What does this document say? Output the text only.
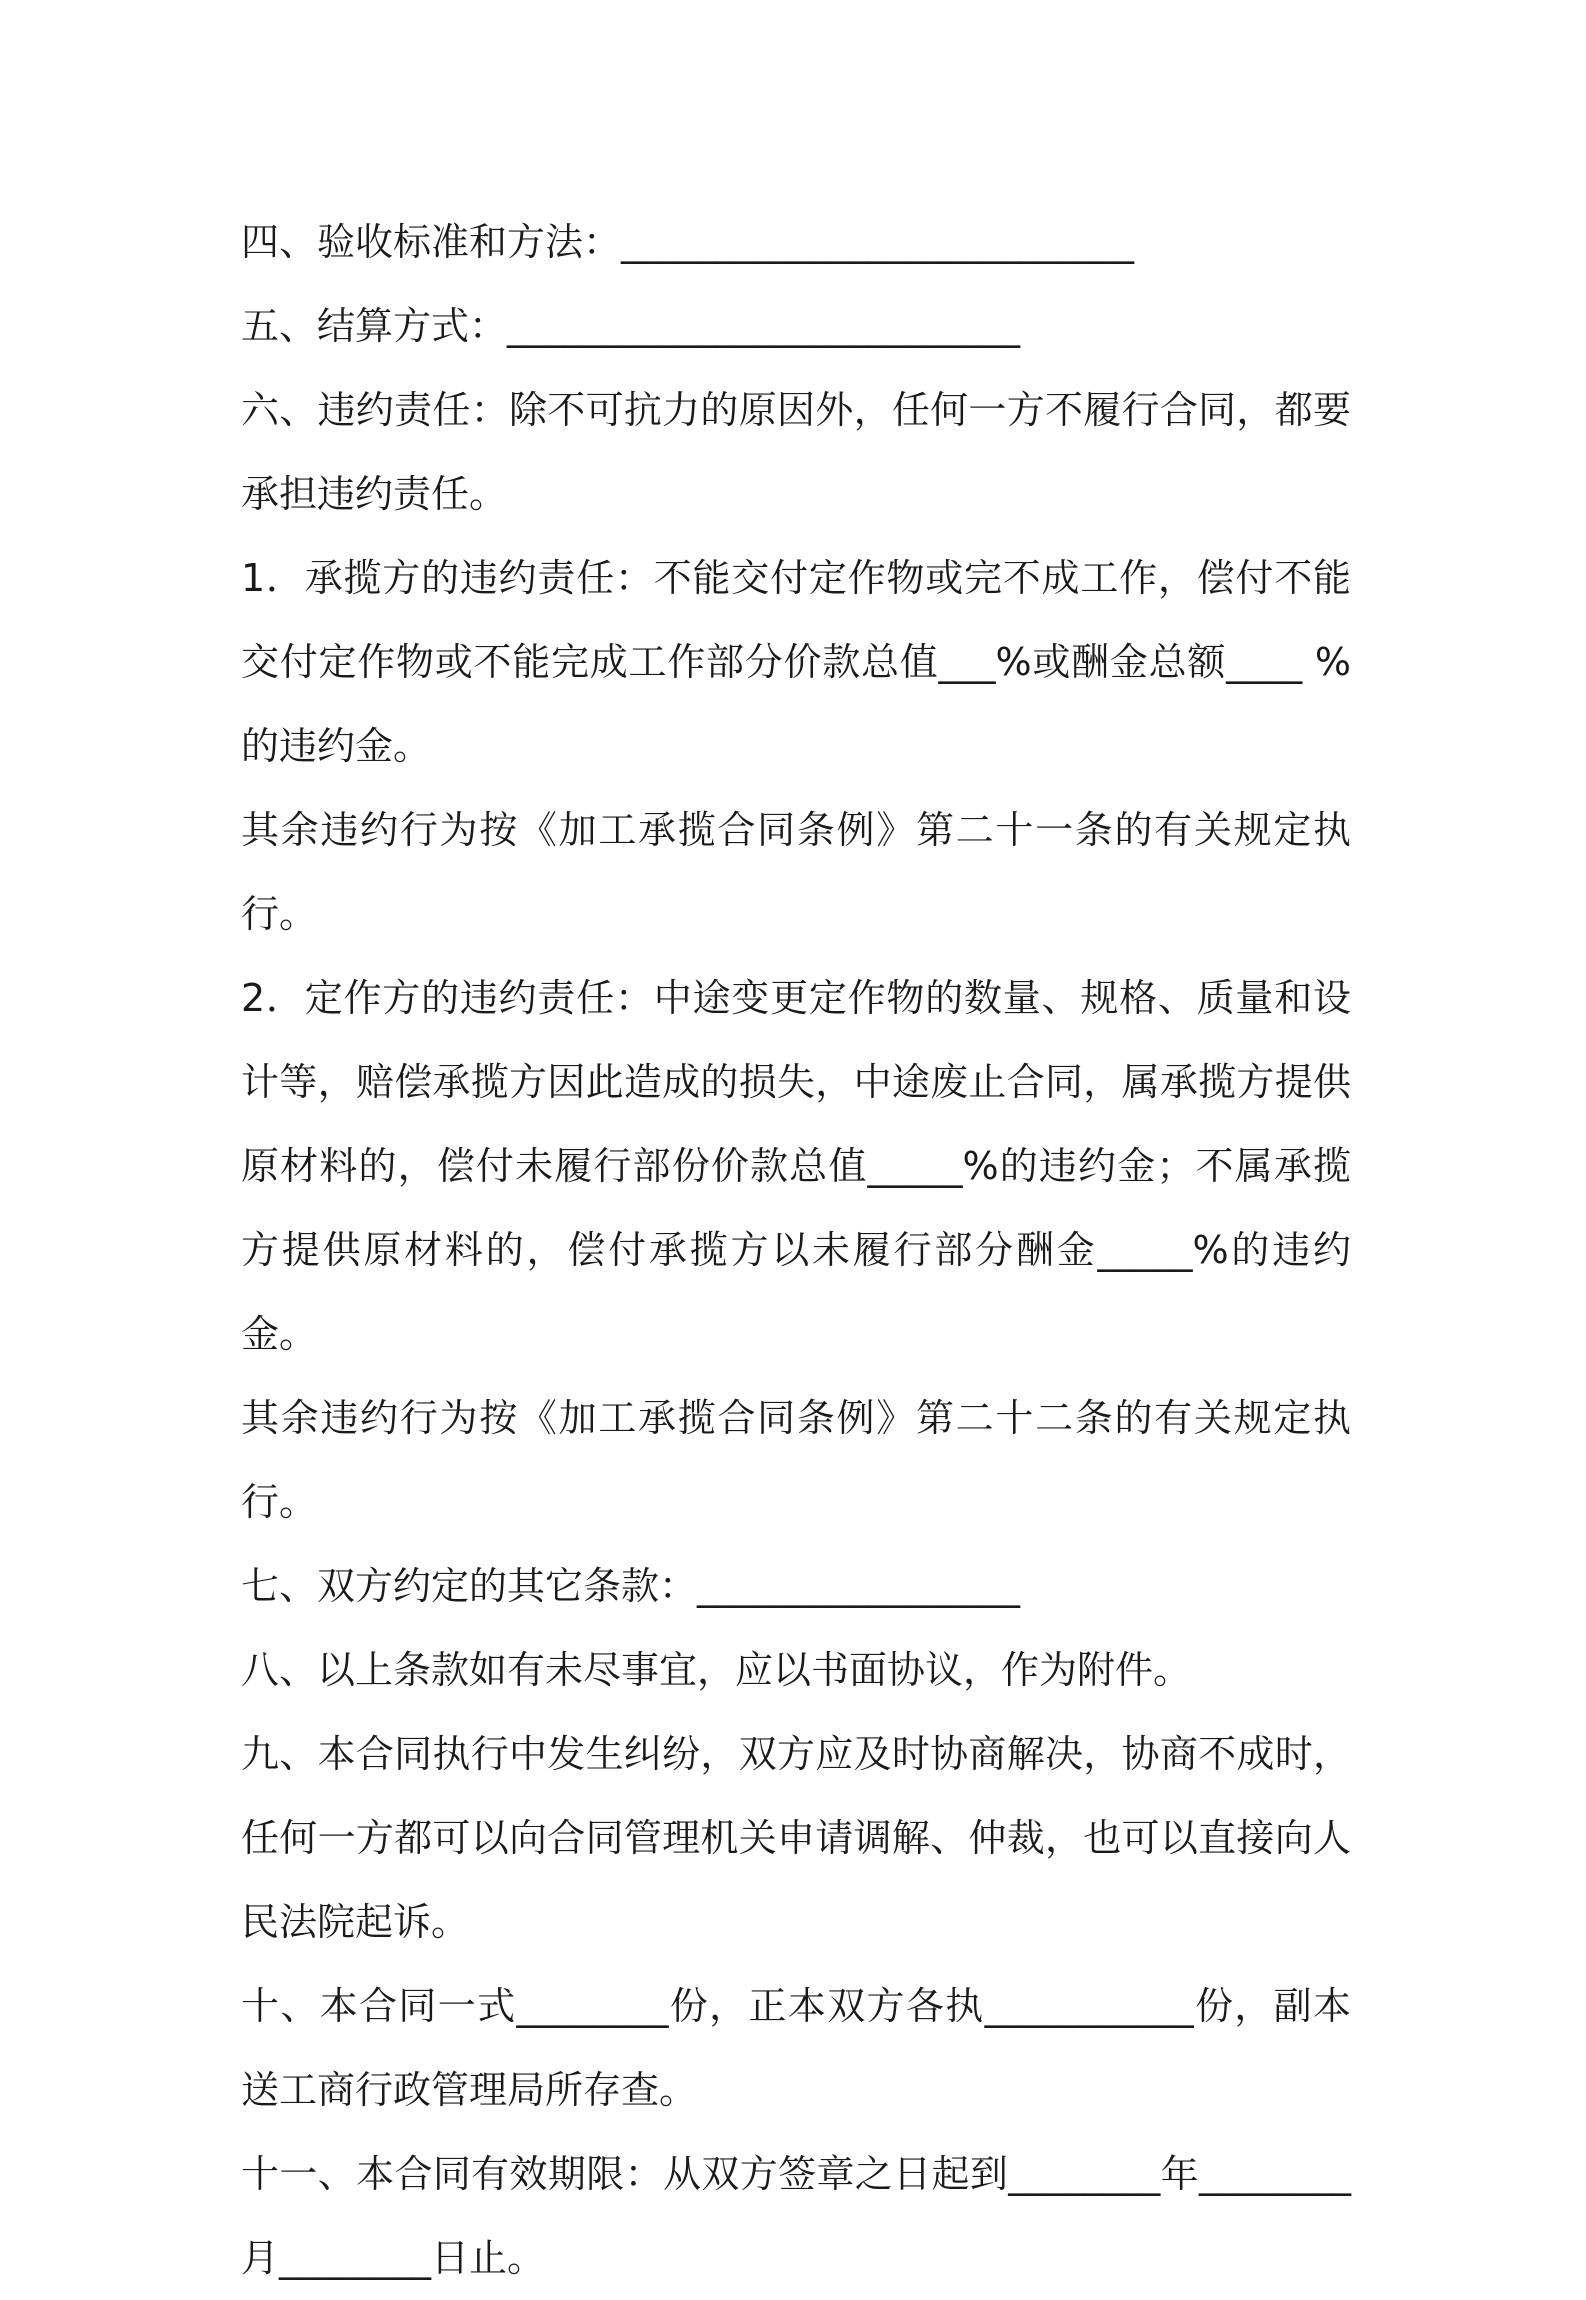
四、验收标准和方法：___________________________

五、结算方式：___________________________

六、违约责任：除不可抗力的原因外，任何一方不履行合同，都要承担违约责任。

1．承揽方的违约责任：不能交付定作物或完不成工作，偿付不能交付定作物或不能完成工作部分价款总值___%或酬金总额____ %的违约金。

其余违约行为按《加工承揽合同条例》第二十一条的有关规定执行。

2．定作方的违约责任：中途变更定作物的数量、规格、质量和设计等，赔偿承揽方因此造成的损失，中途废止合同，属承揽方提供原材料的，偿付未履行部份价款总值_____%的违约金；不属承揽方提供原材料的，偿付承揽方以未履行部分酬金_____%的违约金。

其余违约行为按《加工承揽合同条例》第二十二条的有关规定执行。

七、双方约定的其它条款：_________________

八、以上条款如有未尽事宜，应以书面协议，作为附件。

九、本合同执行中发生纠纷，双方应及时协商解决，协商不成时，任何一方都可以向合同管理机关申请调解、仲裁，也可以直接向人民法院起诉。

十、本合同一式________份，正本双方各执___________份，副本送工商行政管理局所存查。

十一、本合同有效期限：从双方签章之日起到________年________月________日止。
